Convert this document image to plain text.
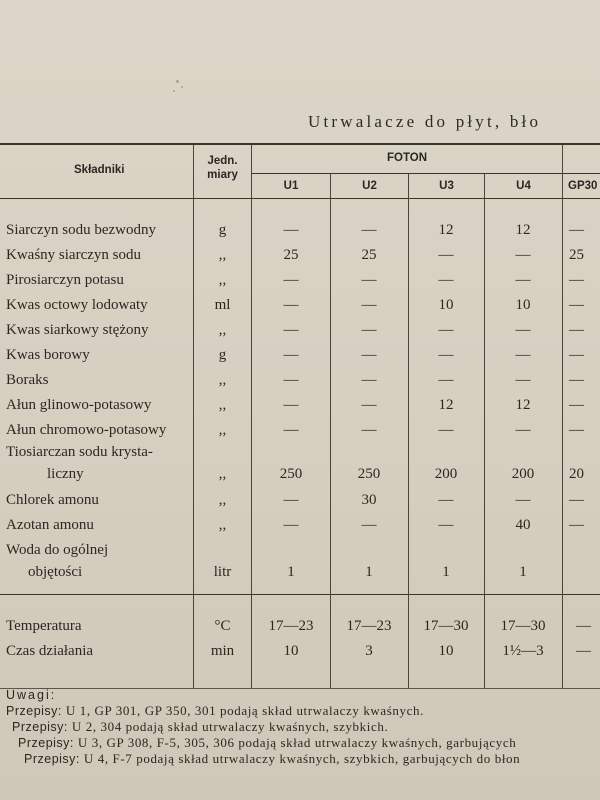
Utrwalacze do płyt, bło
Składniki
Jedn.
miary
FOTON
U1	U2	U3	U4	GP30
Siarczyn sodu bezwodny	g	—	—	12	12	—
Kwaśny siarczyn sodu	,,	25	25	—	—	25
Pirosiarczyn potasu	,,	—	—	—	—	—
Kwas octowy lodowaty	ml	—	—	10	10	—
Kwas siarkowy stężony	,,	—	—	—	—	—
Kwas borowy	g	—	—	—	—	—
Boraks	,,	—	—	—	—	—
Ałun glinowo-potasowy	,,	—	—	12	12	—
Ałun chromowo-potasowy	,,	—	—	—	—	—
Tiosiarczan sodu krysta-
liczny	,,	250	250	200	200	20
Chlorek amonu	,,	—	30	—	—	—
Azotan amonu	,,	—	—	—	40	—
Woda do ogólnej
objętości	litr	1	1	1	1
Temperatura	°C	17—23	17—23	17—30	17—30	—
Czas działania	min	10	3	10	1½—3	—
Uwagi:
Przepisy: U 1, GP 301, GP 350, 301 podają skład utrwalaczy kwaśnych.
Przepisy: U 2, 304 podają skład utrwalaczy kwaśnych, szybkich.
Przepisy: U 3, GP 308, F-5, 305, 306 podają skład utrwalaczy kwaśnych, garbujących
Przepisy: U 4, F-7 podają skład utrwalaczy kwaśnych, szybkich, garbujących do błon
